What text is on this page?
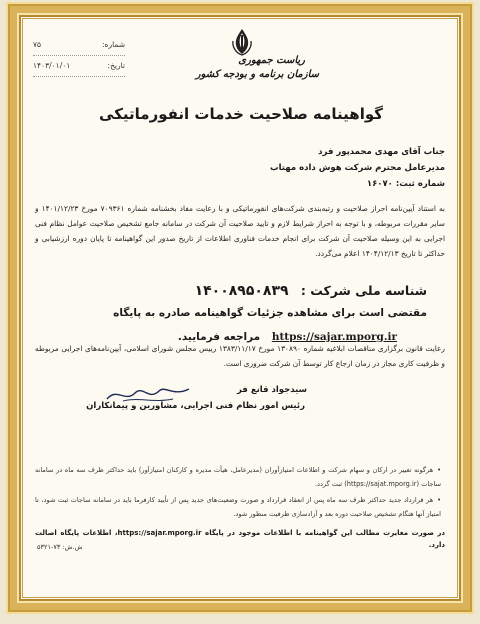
ریاست جمهوری
سازمان برنامه و بودجه کشور
شماره:
۷۵
تاریخ:
۱۴۰۳/۰۱/۰۱
گواهینامه صلاحیت خدمات انفورماتیکی
جناب آقای مهدی محمدپور فرد
مدیرعامل محترم شرکت هوش داده مهتاب
شماره ثبت: ۱۶۰۷۰
به استناد آیین‌نامه احراز صلاحیت و رتبه‌بندی شرکت‌های انفورماتیکی و با رعایت مفاد بخشنامه شماره ۷۰۹۳۶۱ مورخ ۱۴۰۱/۱۲/۲۳ و سایر مقررات مربوطه، و با توجه به احراز شرایط لازم و تایید صلاحیت آن شرکت در سامانه جامع تشخیص صلاحیت عوامل نظام فنی اجرایی به این وسیله صلاحیت آن شرکت برای انجام خدمات فناوری اطلاعات از تاریخ صدور این گواهینامه تا پایان دوره ارزشیابی و حداکثر تا تاریخ ۱۴۰۴/۱۲/۱۳ اعلام می‌گردد.
شناسه ملی شرکت : ۱۴۰۰۸۹۵۰۸۳۹
مقتضی است برای مشاهده جزئیات گواهینامه صادره به پایگاه
https://sajar.mporg.ir مراجعه فرمایید.
رعایت قانون برگزاری مناقصات ابلاغیه شماره ۱۳۰۸۹۰ مورخ ۱۳۸۳/۱۱/۱۷ رییس مجلس شورای اسلامی، آیین‌نامه‌های اجرایی مربوطه و ظرفیت کاری مجاز در زمان ارجاع کار توسط آن شرکت ضروری است.
سیدجواد قانع فر
رئیس امور نظام فنی اجرایی، مشاورین و پیمانکاران
•هرگونه تغییر در ارکان و سهام شرکت و اطلاعات امتیازآوران (مدیرعامل، هیأت مدیره و کارکنان امتیازآور) باید حداکثر ظرف سه ماه در سامانه ساجات (https://sajat.mporg.ir) ثبت گردد.
•هر قرارداد جدید حداکثر ظرف سه ماه پس از انعقاد قرارداد و صورت وضعیت‌های جدید پس از تأیید کارفرما باید در سامانه ساجات ثبت شود، تا امتیاز آنها هنگام تشخیص صلاحیت دوره بعد و آزادسازی ظرفیت منظور شود.
در صورت مغایرت مطالب این گواهینامه با اطلاعات موجود در پایگاه https://sajar.mporg.ir، اطلاعات پایگاه اصالت دارد.
ش.ش: ۷۳-۵۳۲۱
